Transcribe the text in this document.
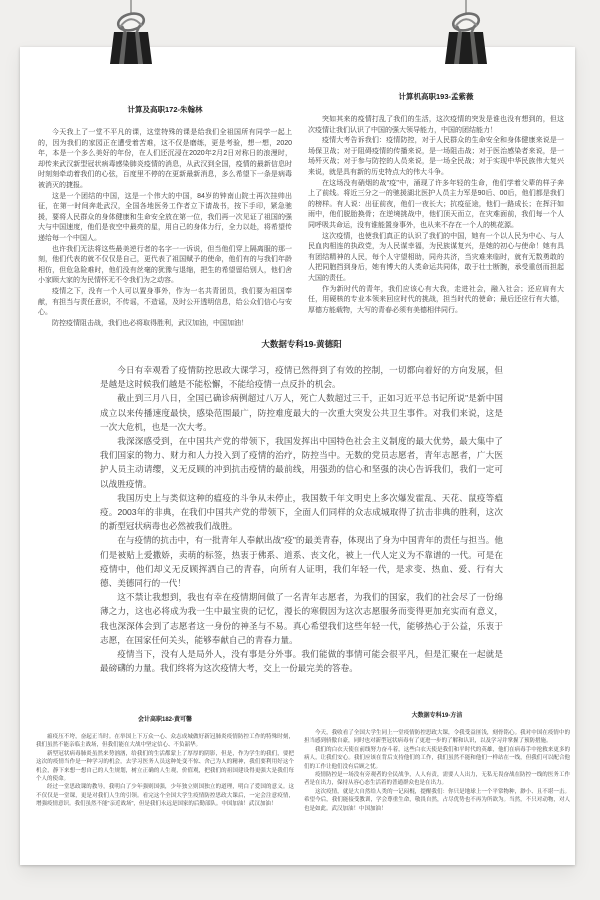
计算及高职172-朱翰林

今天我上了一堂不平凡的课，这堂特殊的课是给我们全祖国所有同学一起上的，因为我们的家园正在遭受着苦难，这不仅是磨练，更是考验，想一想，2020年，本是一个多么美好的年份，在人们还沉浸在2020年2月2日对称日的浪漫时，却传来武汉新型冠状病毒感染肺炎疫情的消息，从武汉到全国，疫情的最新信息时时刻刻牵动着我们的心弦，百度里不停的在更新最新消息，多么希望下一条是病毒被消灭的捷报。

这是一个团结的中国，这是一个伟大的中国，84岁的钟南山院士再次挂帅出征，在第一时间奔赴武汉，全国各地医务工作者立下请战书，按下手印，紧急驰援，要将人民群众的身体健康和生命安全放在第一位，我们再一次见证了祖国的强大与中国速度，他们是夜空中最亮的星，用自己的身体力行，全力以赴，将希望传递给每一个中国人。

也许我们无法将这些最美逆行者的名字一一诉说，但当他们穿上隔离服的那一刻，他们代表的就不仅仅是自己，更代表了祖国赋予的使命，他们有的与我们年龄相仿，但危急险难时，他们没有丝毫的犹豫与退缩，把生的希望留给别人，他们舍小家顾大家的为民情怀无不令我们为之动容。

疫情之下，没有一个人可以置身事外，作为一名共青团员，我们要为祖国奉献，有担当与责任意识，不传谣，不造谣，及时公开透明信息，给公众们信心与安心。

防控疫情阻击战，我们也必将取得胜利，武汉加油，中国加油！

计算机高职193-孟紫薇

突如其来的疫情打乱了我们的生活，这次疫情的突发是谁也没有想到的，但这次疫情让我们认识了中国的强大领导能力，中国的团结能力！

疫情大考告诉我们：疫情防控，对于人民群众的生命安全和身体健康来说是一场保卫战；对于阻碍疫情的传播来说，是一场阻击战；对于医治感染者来说，是一场歼灭战；对于参与防控的人员来说，是一场全民战；对于实现中华民族伟大复兴来说，就是具有新的历史特点大的伟大斗争。

在这场没有硝烟的战"疫"中，涌现了许多年轻的生命，他们学着父辈的样子奔上了前线。将近三分之一的驰援湖北医护人员主力军是90后、00后，他们都是我们的榜样。有人说：出征前夜，他们一夜长大；抗疫征途，他们一路成长；在挥汗如雨中，他们脱胎换骨；在逆境挑战中，他们顶天而立，在灾难面前，我们每一个人同呼吸共命运，没有谁能置身事外，也从来不存在一个人的桃花源。

这次疫情，也使我们真正的认识了我们的中国，她有一个以人民为中心、与人民血肉相连的执政党，为人民谋幸福，为民族谋复兴，是她的初心与使命！她有具有团结精神的人民，每个人守望相助，同舟共济，当灾难来临时，就有无数勇敢的人把同胞挡到身后，她有博大的人类命运共同体，敢于壮士断腕，承受重创而担起大国的责任。

作为新时代的青年，我们应该心有大我，走进社会，融入社会；还应肩有大任，用硬核的专业本领来回应时代的挑战，担当时代的使命；最后还应行有大德，厚德方能载物，大写的青春必须有美德相伴同行。

大数据专科19-黄德阳

今日有幸观看了疫情防控思政大课学习，疫情已然得到了有效的控制，一切都向着好的方向发展，但是越是这时候我们越是不能松懈，不能给疫情一点反扑的机会。

截止到三月八日，全国已确诊病例超过八万人，死亡人数超过三千，正如习近平总书记所说"是新中国成立以来传播速度最快，感染范围最广，防控难度最大的一次重大突发公共卫生事件。对我们来说，这是一次大危机，也是一次大考。

我深深感受到，在中国共产党的带领下，我国发挥出中国特色社会主义制度的最大优势，最大集中了我们国家的物力、财力和人力投入到了疫情的治疗，防控当中。无数的党员志愿者，青年志愿者，广大医护人员主动请缨，义无反顾的冲到抗击疫情的最前线，用强劲的信心和坚强的决心告诉我们，我们一定可以战胜疫情。

我国历史上与类似这种的瘟疫的斗争从未停止，我国数千年文明史上多次爆发霍乱、天花、鼠疫等瘟疫。2003年的非典，在我们中国共产党的带领下，全面人们同样的众志成城取得了抗击非典的胜利，这次的新型冠状病毒也必然被我们战胜。

在与疫情的抗击中，有一批青年人奉献出战"疫"的最美青春，体现出了身为中国青年的责任与担当。他们是被贴上爱撒娇，卖萌的标签，热衷于佛系、道系、丧文化，被上一代人定义为不靠谱的一代。可是在疫情中，他们却义无反顾挥洒自己的青春，向所有人证明，我们年轻一代，是求变、热血、爱、行有大德、美德同行的一代！

这不禁让我想到，我也有幸在疫情期间做了一名青年志愿者，为我们的国家，我们的社会尽了一份绵薄之力，这也必将成为我一生中最宝贵的记忆，漫长的寒假因为这次志愿服务而变得更加充实而有意义，我也深深体会到了志愿者这一身份的神圣与不易。真心希望我们这些年轻一代，能够热心于公益，乐衷于志愿，在国家任何关头，能够奉献自己的青春力量。

疫情当下，没有人是局外人，没有事是分外事。我们能做的事情可能会很平凡，但是汇聚在一起就是最磅礴的力量。我们终将为这次疫情大考，交上一份最完美的答卷。

会计高职182-黄可馨

瘟疫压不垮，奋起正当时。在举国上下万众一心、众志成城做好新冠肺炎疫情防控工作的特殊时刻，我们虽然不能亲临主战场，但我们能在大战中坚定信心、不负韶华。

新型冠状病毒肺炎虽然来势汹汹，给我们的生活都蒙上了厚厚的阴影，但是，作为学生的我们，要把这次的疫情当作是一种学习的机会，去学习医务人员这种处变不惊、舍己为人的精神，我们要利用好这个机会，静下来想一想自己的人生规划，树立正确的人生观，价值观，把我们的祖国建设得更强大是我们每个人的使命。

经过一堂思政课的教导，我明白了少年强则国强，少年独立则国独立的道理，明白了爱国的意义。这不仅仅是一堂课，更是对我们人生的引领。看完这个全国大学生疫情防控思政大课后，一定会注意疫情，增强疫情意识。我们虽然不能"亲近战场"，但是我们永远是国家的后勤部队。中国加油！武汉加油！

大数据专科19-方洁

今天，我收看了全国大学生同上一堂疫情防控思政大课，令我受益匪浅，刻骨铭心。我对中国在疫情中的担当感到骄傲自豪，同时也对新型冠状病毒有了更进一步的了解和认识，以及学习并掌握了预防措施。

我们的白衣天使在前线努力奋斗着，这些白衣天使是我们和平时代的英雄，他们在病毒手中抢救来更多的病人，让我们安心。我们应该在背后支持他们的工作，我们虽然不能和他们一样站在一线，但我们可以配合他们的工作让他们没有后顾之忧。

疫情防控是一场没有旁观者的全民战争，人人有责，需要人人出力，无私无畏奋战在防控一线的医务工作者是在出力，保持从容心态生活着的普通群众也是在出力。

这次疫情，就是大自然给人类的一记闷棍，提醒我们：你只是地球上一个平常物种，渺小、且不堪一击。希望今后，我们能接受教训，学会尊重生命，敬畏自然，占尽优势也不再为所欲为。当然，不只对动物，对人也是如此。武汉加油！中国加油！
